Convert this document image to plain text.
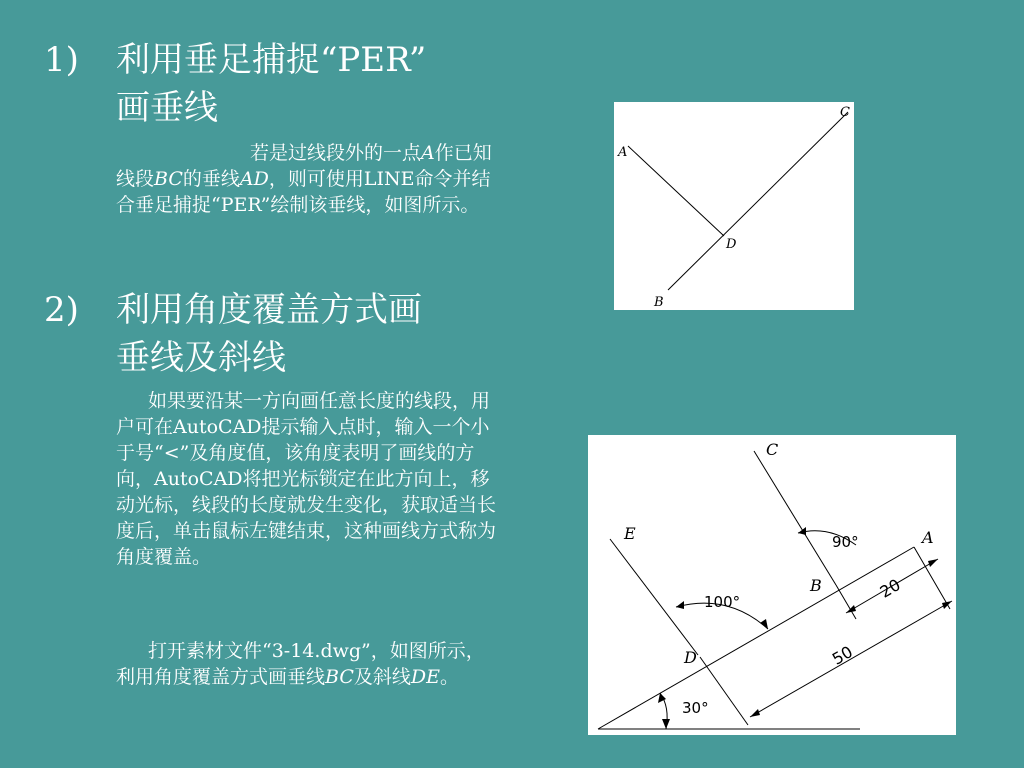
1) 利用垂足捕捉“PER”
画垂线
若是过线段外的一点A作已知线段BC的垂线AD，则可使用LINE命令并结合垂足捕捉“PER”绘制该垂线，如图所示。
2) 利用角度覆盖方式画
垂线及斜线
如果要沿某一方向画任意长度的线段，用户可在AutoCAD提示输入点时，输入一个小于号“<”及角度值，该角度表明了画线的方向，AutoCAD将把光标锁定在此方向上，移动光标，线段的长度就发生变化，获取适当长度后，单击鼠标左键结束，这种画线方式称为角度覆盖。
打开素材文件“3-14.dwg”，如图所示，利用角度覆盖方式画垂线BC及斜线DE。
A
B
C
D
E
C
A
B
D
90°
100°
30°
20
50
